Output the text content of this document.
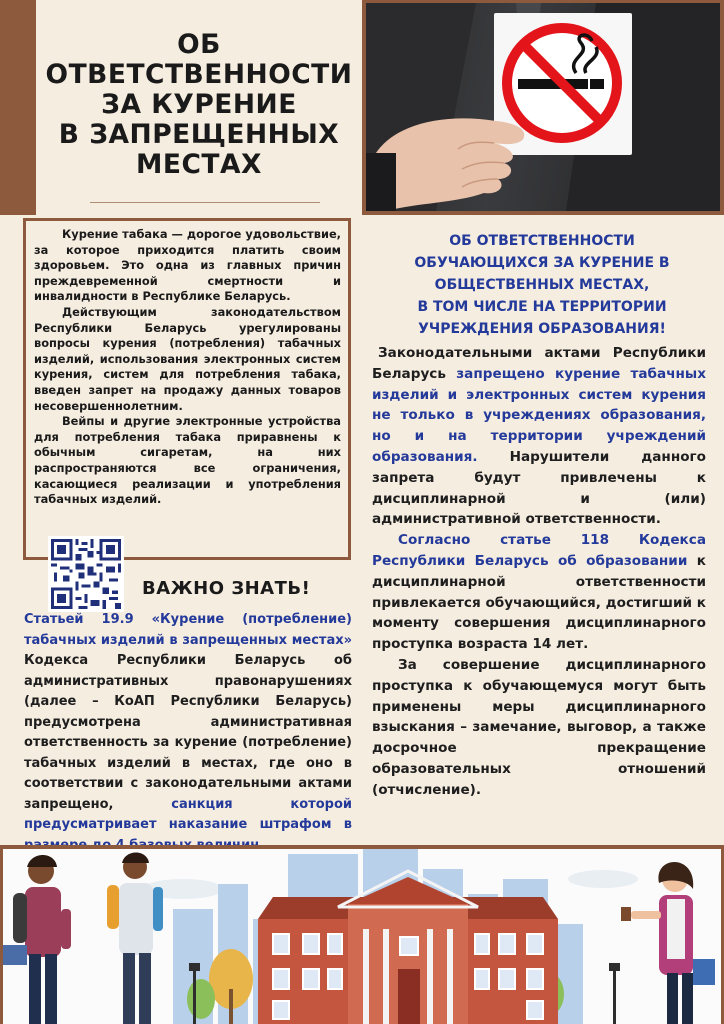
ОБ
ОТВЕТСТВЕННОСТИ
ЗА КУРЕНИЕ
В ЗАПРЕЩЕННЫХ
МЕСТАХ

Курение табака — дорогое удовольствие, за которое приходится платить своим здоровьем. Это одна из главных причин преждевременной смертности и инвалидности в Республике Беларусь.

Действующим законодательством Республики Беларусь урегулированы вопросы курения (потребления) табачных изделий, использования электронных систем курения, систем для потребления табака, введен запрет на продажу данных товаров несовершеннолетним.

Вейпы и другие электронные устройства для потребления табака приравнены к обычным сигаретам, на них распространяются все ограничения, касающиеся реализации и употребления табачных изделий.

ВАЖНО ЗНАТЬ!
Статьей 19.9 «Курение (потребление) табачных изделий в запрещенных местах» Кодекса Республики Беларусь об административных правонарушениях (далее – КоАП Республики Беларусь) предусмотрена административная ответственность за курение (потребление) табачных изделий в местах, где оно в соответствии с законодательными актами запрещено,	санкция которой предусматривает наказание штрафом в
ОБ ОТВЕТСТВЕННОСТИ
ОБУЧАЮЩИХСЯ ЗА КУРЕНИЕ В
ОБЩЕСТВЕННЫХ МЕСТАХ,
В ТОМ ЧИСЛЕ НА ТЕРРИТОРИИ
УЧРЕЖДЕНИЯ ОБРАЗОВАНИЯ!

Законодательными актами Республики Беларусь запрещено курение табачных изделий и электронных систем курения не только в учреждениях образования, но и на территории учреждений образования. Нарушители данного запрета будут привлечены к дисциплинарной и (или) административной ответственности.

Согласно статье 118 Кодекса Республики Беларусь об образовании к дисциплинарной ответственности привлекается обучающийся, достигший к моменту совершения дисциплинарного проступка возраста 14 лет.

За совершение дисциплинарного проступка к обучающемуся могут быть применены меры дисциплинарного взыскания – замечание, выговор, а также досрочное прекращение образовательных отношений (отчисление).
